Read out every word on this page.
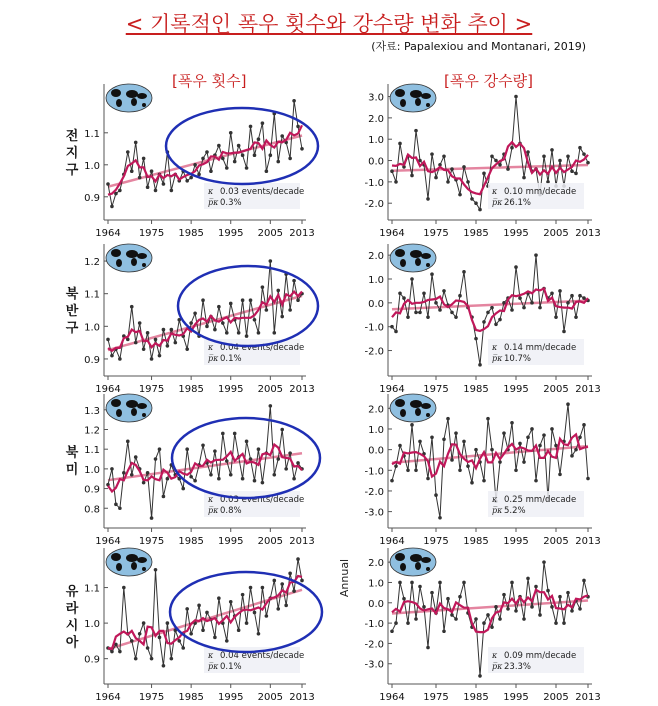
< 기록적인 폭우 횟수와 강수량 변화 추이 >
(자료: Papalexiou and Montanari, 2019)
[폭우 횟수]	[폭우 강수량]
0.9
1.0
1.1
1964 1975 1985 1995 2005 2013
κ 0.03 events/decade
p̅κ 0.3%	-2.0
-1.0
0.0
1.0
2.0
3.0
1964 1975 1985 1995 2005 2013
κ 0.10 mm/decade
p̅κ 26.1%
0.9
1.0
1.1
1.2
1964 1975 1985 1995 2005 2013
κ 0.04 events/decade
p̅κ 0.1%
-2.0
-1.0
0.0
1.0
2.0
1964 1975 1985 1995 2005 2013
κ 0.14 mm/decade
p̅κ 10.7%
0.8
0.9
1.0
1.1
1.2
1.3
1964 1975 1985 1995 2005 2013
κ 0.03 events/decade
p̅κ 0.8%	-3.0
-2.0
-1.0
0.0
1.0
2.0
1964 1975 1985 1995 2005 2013
κ 0.25 mm/decade
p̅κ 5.2%
0.9
1.0
1.1
1964 1975 1985 1995 2005 2013
κ 0.04 events/decade
p̅κ 0.1%	-3.0
-2.0
-1.0
0.0
1.0
2.0
1964 1975 1985 1995 2005 2013
κ 0.09 mm/decade
p̅κ 23.3%
전
지
구
북
반
구
북
미
유
라
시
아
Annual
